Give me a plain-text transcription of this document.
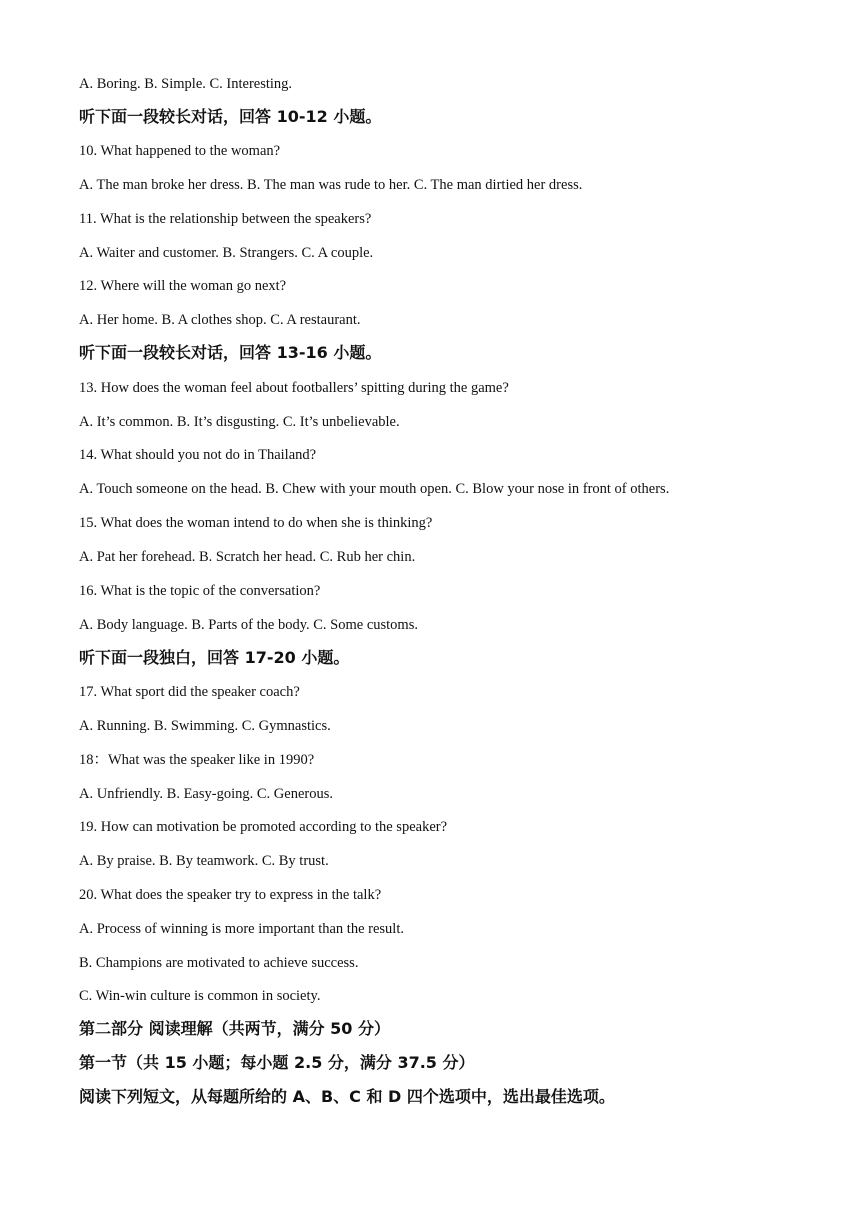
A. Boring. B. Simple. C. Interesting.
听下面一段较长对话，回答 10-12 小题。
10. What happened to the woman?
A. The man broke her dress. B. The man was rude to her. C. The man dirtied her dress.
11. What is the relationship between the speakers?
A. Waiter and customer. B. Strangers. C. A couple.
12. Where will the woman go next?
A. Her home. B. A clothes shop. C. A restaurant.
听下面一段较长对话，回答 13-16 小题。
13. How does the woman feel about footballers’ spitting during the game?
A. It’s common. B. It’s disgusting. C. It’s unbelievable.
14. What should you not do in Thailand?
A. Touch someone on the head. B. Chew with your mouth open. C. Blow your nose in front of others.
15. What does the woman intend to do when she is thinking?
A. Pat her forehead. B. Scratch her head. C. Rub her chin.
16. What is the topic of the conversation?
A. Body language. B. Parts of the body. C. Some customs.
听下面一段独白，回答 17-20 小题。
17. What sport did the speaker coach?
A. Running. B. Swimming. C. Gymnastics.
18：What was the speaker like in 1990?
A. Unfriendly. B. Easy-going. C. Generous.
19. How can motivation be promoted according to the speaker?
A. By praise. B. By teamwork. C. By trust.
20. What does the speaker try to express in the talk?
A. Process of winning is more important than the result.
B. Champions are motivated to achieve success.
C. Win-win culture is common in society.
第二部分 阅读理解（共两节，满分 50 分）
第一节（共 15 小题；每小题 2.5 分，满分 37.5 分）
阅读下列短文，从每题所给的 A、B、C 和 D 四个选项中，选出最佳选项。
